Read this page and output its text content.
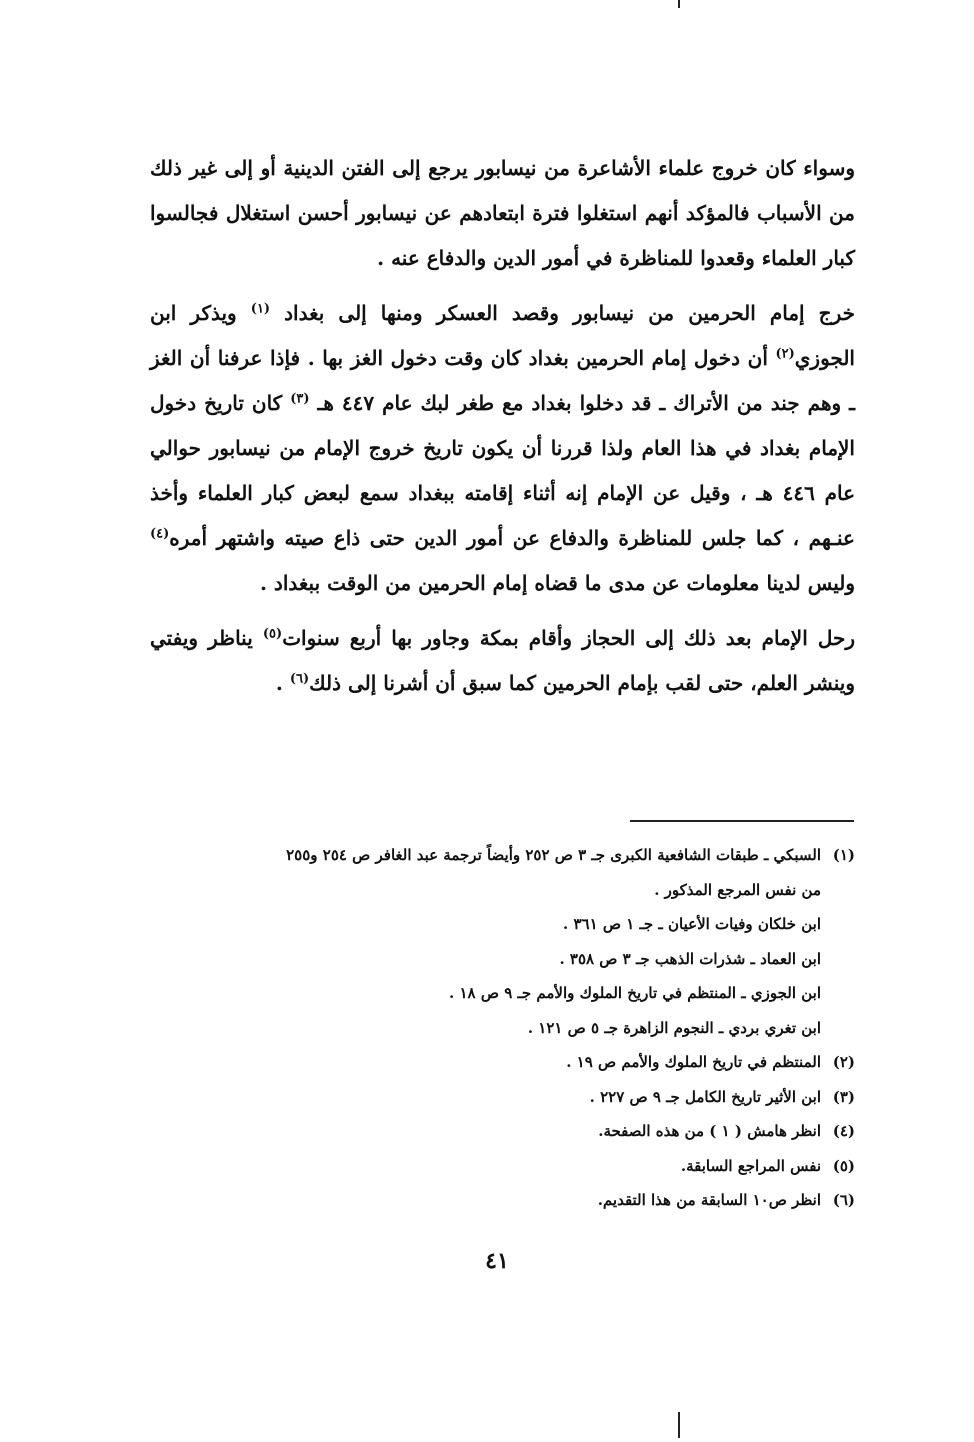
وسواء كان خروج علماء الأشاعرة من نيسابور يرجع إلى الفتن الدينية أو إلى غير ذلك من الأسباب فالمؤكد أنهم استغلوا فترة ابتعادهم عن نيسابور أحسن استغلال فجالسوا كبار العلماء وقعدوا للمناظرة في أمور الدين والدفاع عنه .

خرج إمام الحرمين من نيسابور وقصد العسكر ومنها إلى بغداد $^{(١)}$ ويذكر ابن الجوزي$^{(٢)}$ أن دخول إمام الحرمين بغداد كان وقت دخول الغز بها . فإذا عرفنا أن الغز ـ وهم جند من الأتراك ـ قد دخلوا بغداد مع طغر لبك عام ٤٤٧ هـ $^{(٣)}$ كان تاريخ دخول الإمام بغداد في هذا العام ولذا قررنا أن يكون تاريخ خروج الإمام من نيسابور حوالي عام ٤٤٦ هـ ، وقيل عن الإمام إنه أثناء إقامته ببغداد سمع لبعض كبار العلماء وأخذ عنـهم ، كما جلس للمناظرة والدفاع عن أمور الدين حتى ذاع صيته واشتهر أمره$^{(٤)}$ وليس لدينا معلومات عن مدى ما قضاه إمام الحرمين من الوقت ببغداد .

رحل الإمام بعد ذلك إلى الحجاز وأقام بمكة وجاور بها أربع سنوات$^{(٥)}$ يناظر ويفتي وينشر العلم، حتى لقب بإمام الحرمين كما سبق أن أشرنا إلى ذلك$^{(٦)}$ .

(١)
السبكي ـ طبقات الشافعية الكبرى جـ ٣ ص ٢٥٢ وأيضاً ترجمة عبد الغافر ص ٢٥٤ و٢٥٥
من نفس المرجع المذكور .
ابن خلكان وفيات الأعيان ـ جـ ١ ص ٣٦١ .
ابن العماد ـ شذرات الذهب جـ ٣ ص ٣٥٨ .
ابن الجوزي ـ المنتظم في تاريخ الملوك والأمم جـ ٩ ص ١٨ .
ابن تغري بردي ـ النجوم الزاهرة جـ ٥ ص ١٢١ .
(٢)
المنتظم في تاريخ الملوك والأمم ص ١٩ .
(٣)
ابن الأثير تاريخ الكامل جـ ٩ ص ٢٢٧ .
(٤)
انظر هامش ( ١ ) من هذه الصفحة.
(٥)
نفس المراجع السابقة.
(٦)
انظر ص١٠ السابقة من هذا التقديم.
٤١
